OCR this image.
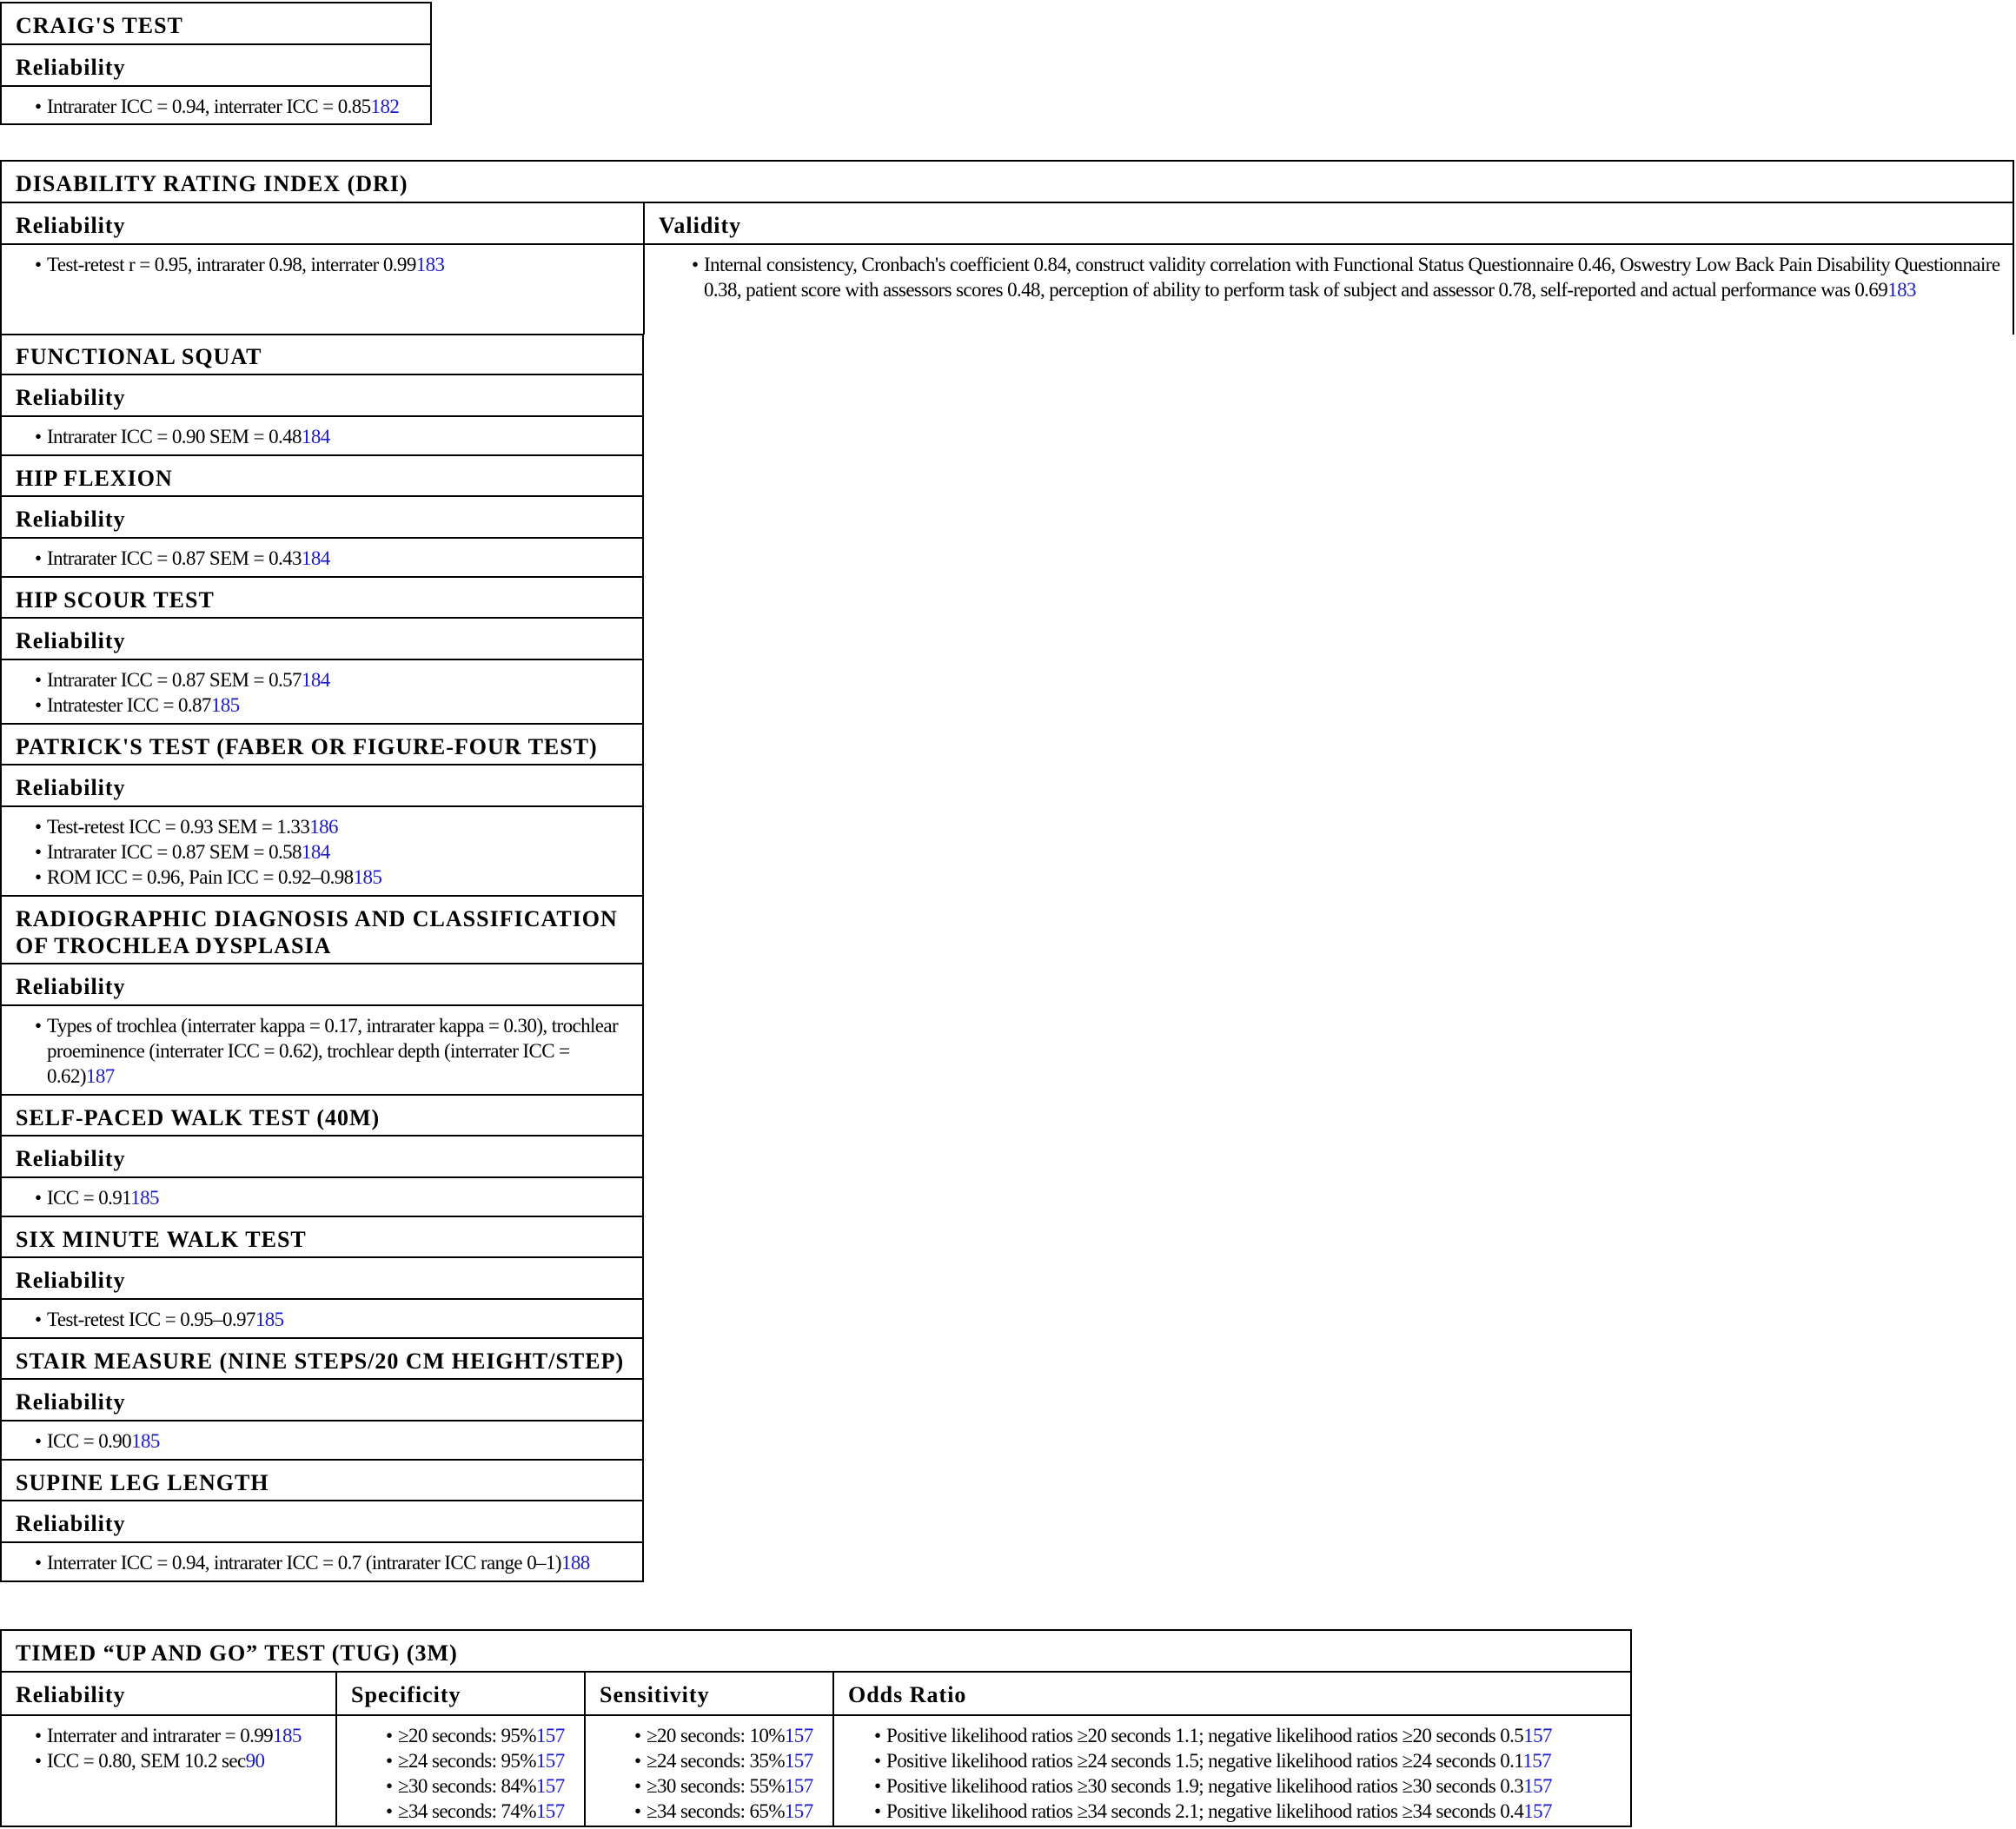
CRAIG'S TEST
Reliability
• Intrarater ICC = 0.94, interrater ICC = 0.85182
DISABILITY RATING INDEX (DRI)
Reliability	Validity
• Test-retest r = 0.95, intrarater 0.98, interrater 0.99183
•	Internal consistency, Cronbach's coefficient 0.84, construct validity correlation with Functional Status Questionnaire 0.46, Oswestry Low Back Pain Disability Questionnaire 0.38, patient score with assessors scores 0.48, perception of ability to perform task of subject and assessor 0.78, self-reported and actual performance was 0.69183
FUNCTIONAL SQUAT
Reliability
• Intrarater ICC = 0.90 SEM = 0.48184
HIP FLEXION
Reliability
• Intrarater ICC = 0.87 SEM = 0.43184
HIP SCOUR TEST
Reliability
• Intrarater ICC = 0.87 SEM = 0.57184
• Intratester ICC = 0.87185
PATRICK'S TEST (FABER OR FIGURE-FOUR TEST)
Reliability
• Test-retest ICC = 0.93 SEM = 1.33186
• Intrarater ICC = 0.87 SEM = 0.58184
• ROM ICC = 0.96, Pain ICC = 0.92–0.98185
RADIOGRAPHIC DIAGNOSIS AND CLASSIFICATION OF TROCHLEA DYSPLASIA
Reliability
• Types of trochlea (interrater kappa = 0.17, intrarater kappa = 0.30), trochlear proeminence (interrater ICC = 0.62), trochlear depth (interrater ICC = 0.62)187
SELF-PACED WALK TEST (40M)
Reliability
• ICC = 0.91185
SIX MINUTE WALK TEST
Reliability
• Test-retest ICC = 0.95–0.97185
STAIR MEASURE (NINE STEPS/20 CM HEIGHT/STEP)
Reliability
• ICC = 0.90185
SUPINE LEG LENGTH
Reliability
• Interrater ICC = 0.94, intrarater ICC = 0.7 (intrarater ICC range 0–1)188
TIMED “UP AND GO” TEST (TUG) (3M)
Reliability	Specificity	Sensitivity	Odds Ratio
• Interrater and intrarater = 0.99185
• ICC = 0.80, SEM 10.2 sec90
• ≥20 seconds: 95%157
• ≥24 seconds: 95%157
• ≥30 seconds: 84%157
• ≥34 seconds: 74%157
• ≥20 seconds: 10%157
• ≥24 seconds: 35%157
• ≥30 seconds: 55%157
• ≥34 seconds: 65%157
• Positive likelihood ratios ≥20 seconds 1.1; negative likelihood ratios ≥20 seconds 0.5157
• Positive likelihood ratios ≥24 seconds 1.5; negative likelihood ratios ≥24 seconds 0.1157
• Positive likelihood ratios ≥30 seconds 1.9; negative likelihood ratios ≥30 seconds 0.3157
• Positive likelihood ratios ≥34 seconds 2.1; negative likelihood ratios ≥34 seconds 0.4157
